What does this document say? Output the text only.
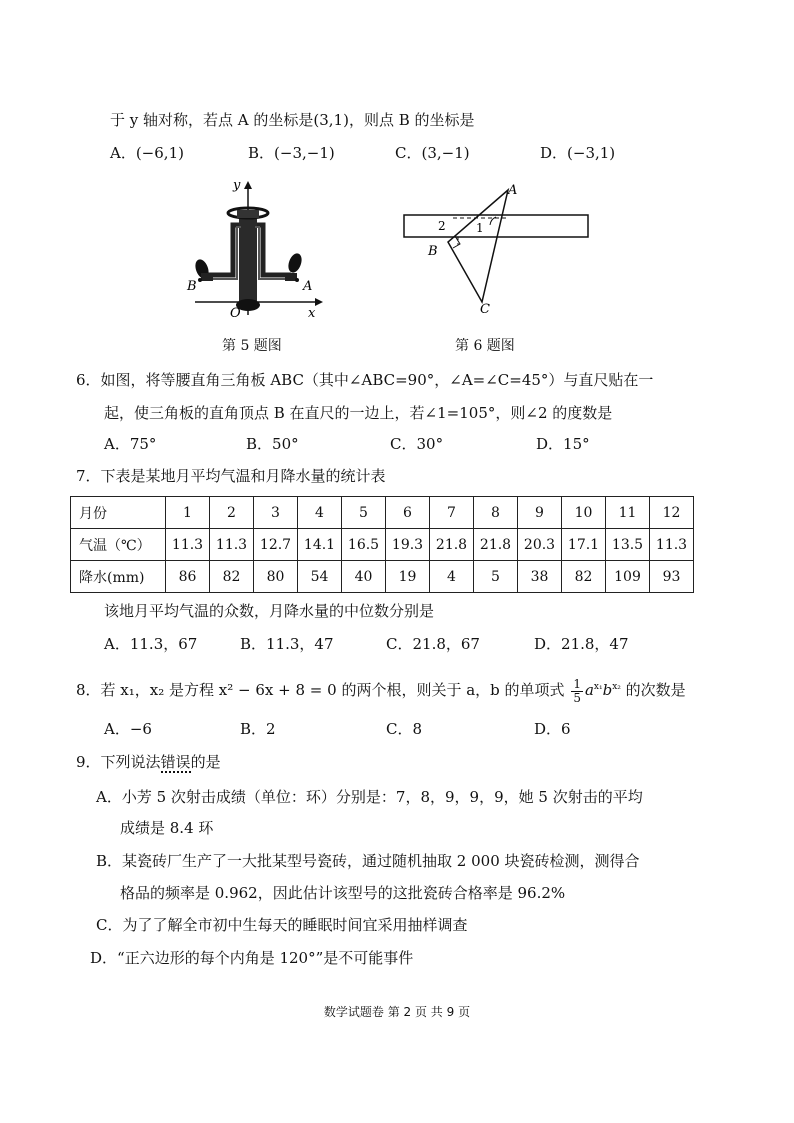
于 y 轴对称，若点 A 的坐标是(3,1)，则点 B 的坐标是
A．(−6,1)	B．(−3,−1)	C．(3,−1)	D．(−3,1)
y
x
O
B	A
第 5 题图
A
B
C
1
2
第 6 题图
6．如图，将等腰直角三角板 ABC（其中∠ABC=90°，∠A=∠C=45°）与直尺贴在一
起，使三角板的直角顶点 B 在直尺的一边上，若∠1=105°，则∠2 的度数是
A．75°	B．50°	C．30°	D．15°
7．下表是某地月平均气温和月降水量的统计表
月份	1	2	3	4	5	6	7	8	9	10	11	12
气温（℃）	11.3	11.3	12.7	14.1	16.5	19.3	21.8	21.8	20.3	17.1	13.5	11.3
降水(mm)	86	82	80	54	40	19	4	5	38	82	109	93
该地月平均气温的众数，月降水量的中位数分别是
A．11.3，67	B．11.3，47	C．21.8，67	D．21.8，47
8．若 x₁，x₂ 是方程 x² − 6x + 8 = 0 的两个根，则关于 a，b 的单项式 $\frac{1}{5} a^{x_1}b^{x_2}$ 的次数是
A．−6	B．2	C．8	D．6
9．下列说法错误的是
A．小芳 5 次射击成绩（单位：环）分别是：7，8，9，9，9，她 5 次射击的平均
成绩是 8.4 环
B．某瓷砖厂生产了一大批某型号瓷砖，通过随机抽取 2 000 块瓷砖检测，测得合
格品的频率是 0.962，因此估计该型号的这批瓷砖合格率是 96.2%
C．为了了解全市初中生每天的睡眠时间宜采用抽样调查
D．“正六边形的每个内角是 120°”是不可能事件
数学试题卷 第 2 页 共 9 页
